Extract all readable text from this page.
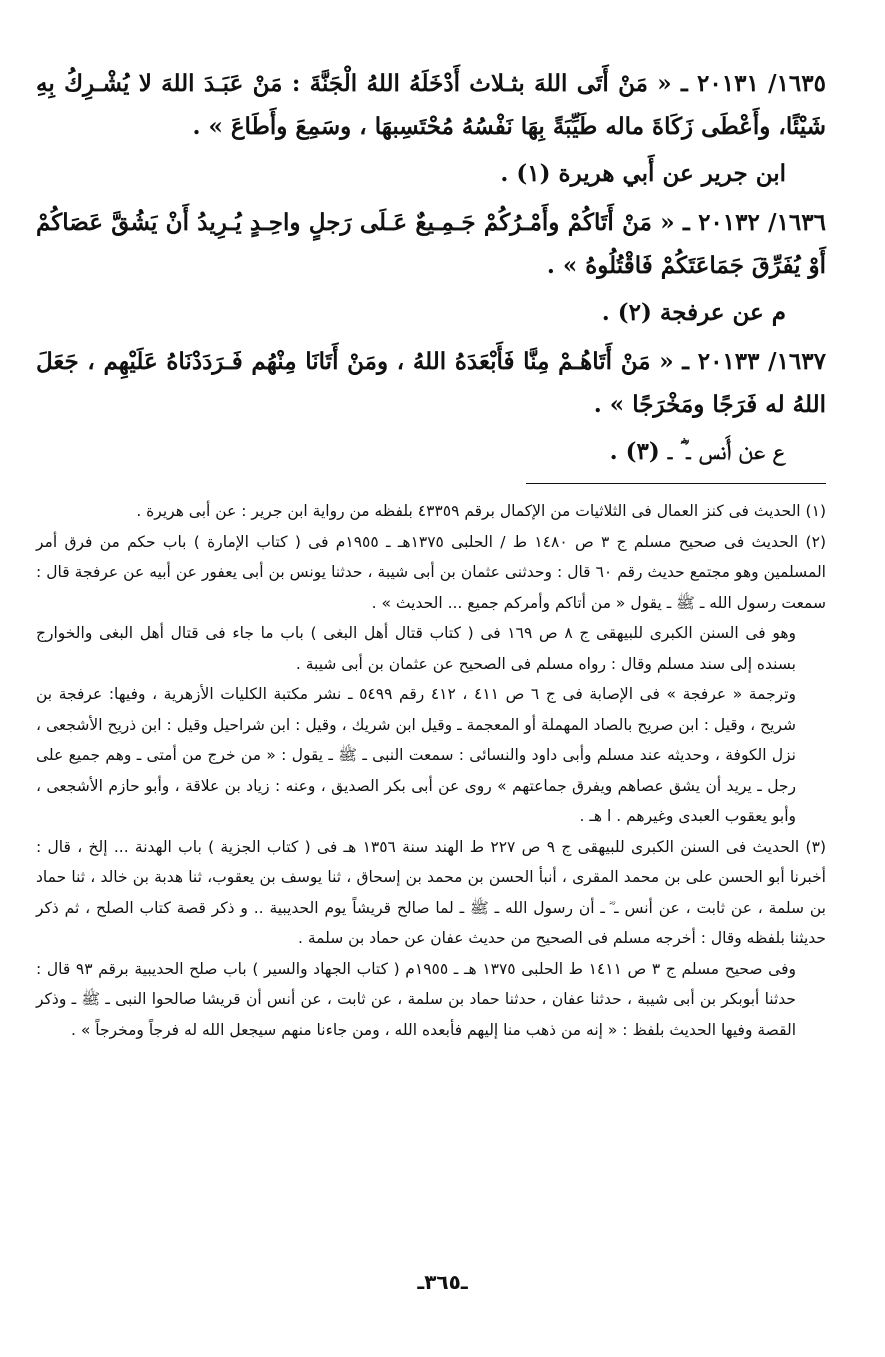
١٦٣٥/ ٢٠١٣١ ـ « مَنْ أَتَى اللهَ بثـلاث أَدْخَلَهُ اللهُ الْجَنَّةَ : مَنْ عَبَـدَ اللهَ لا يُشْـرِكُ بِهِ شَيْئًا، وأَعْطَى زَكَاةَ ماله طَيِّبَةً بِهَا نَفْسُهُ مُحْتَسِبهَا ، وسَمِعَ وأَطَاعَ » .

ابن جرير عن أَبي هريرة (١) .

١٦٣٦/ ٢٠١٣٢ ـ « مَنْ أَتَاكُمْ وأَمْـرُكُمْ جَـمِـيعٌ عَـلَى رَجلٍ واحِـدٍ يُـرِيدُ أَنْ يَشُقَّ عَصَاكُمْ أَوْ يُفَرِّقَ جَمَاعَتَكُمْ فَاقْتُلُوهُ » .

م عن عرفجة (٢) .

١٦٣٧/ ٢٠١٣٣ ـ « مَنْ أَتَاهُـمْ مِنَّا فَأَبْعَدَهُ اللهُ ، ومَنْ أَتَانَا مِنْهُم فَـرَدَدْنَاهُ عَلَيْهِم ، جَعَلَ اللهُ له فَرَجًا ومَخْرَجًا » .

ع عن أَنس ـ ؓ ـ (٣) .

(١) الحديث فى كنز العمال فى الثلاثيات من الإكمال برقم ٤٣٣٥٩ بلفظه من رواية ابن جرير : عن أبى هريرة .

(٢) الحديث فى صحيح مسلم ج ٣ ص ١٤٨٠ ط / الحلبى ١٣٧٥هـ ـ ١٩٥٥م فى ( كتاب الإمارة ) باب حكم من فرق أمر المسلمين وهو مجتمع حديث رقم ٦٠ قال : وحدثنى عثمان بن أبى شيبة ، حدثنا يونس بن أبى يعفور عن أبيه عن عرفجة قال : سمعت رسول الله ـ ﷺ ـ يقول « من أتاكم وأمركم جميع ... الحديث » .

وهو فى السنن الكبرى للبيهقى ج ٨ ص ١٦٩ فى ( كتاب قتال أهل البغى ) باب ما جاء فى قتال أهل البغى والخوارج بسنده إلى سند مسلم وقال : رواه مسلم فى الصحيح عن عثمان بن أبى شيبة .

وترجمة « عرفجة » فى الإصابة فى ج ٦ ص ٤١١ ، ٤١٢ رقم ٥٤٩٩ ـ نشر مكتبة الكليات الأزهرية ، وفيها: عرفجة بن شريح ، وقيل : ابن صريح بالصاد المهملة أو المعجمة ـ وقيل ابن شريك ، وقيل : ابن شراحيل وقيل : ابن ذريح الأشجعى ، نزل الكوفة ، وحديثه عند مسلم وأبى داود والنسائى : سمعت النبى ـ ﷺ ـ يقول : « من خرج من أمتى ـ وهم جميع على رجل ـ يريد أن يشق عصاهم ويفرق جماعتهم » روى عن أبى بكر الصديق ، وعنه : زياد بن علاقة ، وأبو حازم الأشجعى ، وأبو يعقوب العبدى وغيرهم . ا هـ .

(٣) الحديث فى السنن الكبرى للبيهقى ج ٩ ص ٢٢٧ ط الهند سنة ١٣٥٦ هـ فى ( كتاب الجزية ) باب الهدنة ... إلخ ، قال : أخبرنا أبو الحسن على بن محمد المقرى ، أنبأ الحسن بن محمد بن إسحاق ، ثنا يوسف بن يعقوب، ثنا هدبة بن خالد ، ثنا حماد بن سلمة ، عن ثابت ، عن أنس ـ ؓ ـ أن رسول الله ـ ﷺ ـ لما صالح قريشاً يوم الحديبية .. و ذكر قصة كتاب الصلح ، ثم ذكر حديثنا بلفظه وقال : أخرجه مسلم فى الصحيح من حديث عفان عن حماد بن سلمة .

وفى صحيح مسلم ج ٣ ص ١٤١١ ط الحلبى ١٣٧٥ هـ ـ ١٩٥٥م ( كتاب الجهاد والسير ) باب صلح الحديبية برقم ٩٣ قال : حدثنا أبوبكر بن أبى شيبة ، حدثنا عفان ، حدثنا حماد بن سلمة ، عن ثابت ، عن أنس أن قريشا صالحوا النبى ـ ﷺ ـ وذكر القصة وفيها الحديث بلفظ : « إنه من ذهب منا إليهم فأبعده الله ، ومن جاءنا منهم سيجعل الله له فرجاً ومخرجاً » .

ـ٣٦٥ـ
